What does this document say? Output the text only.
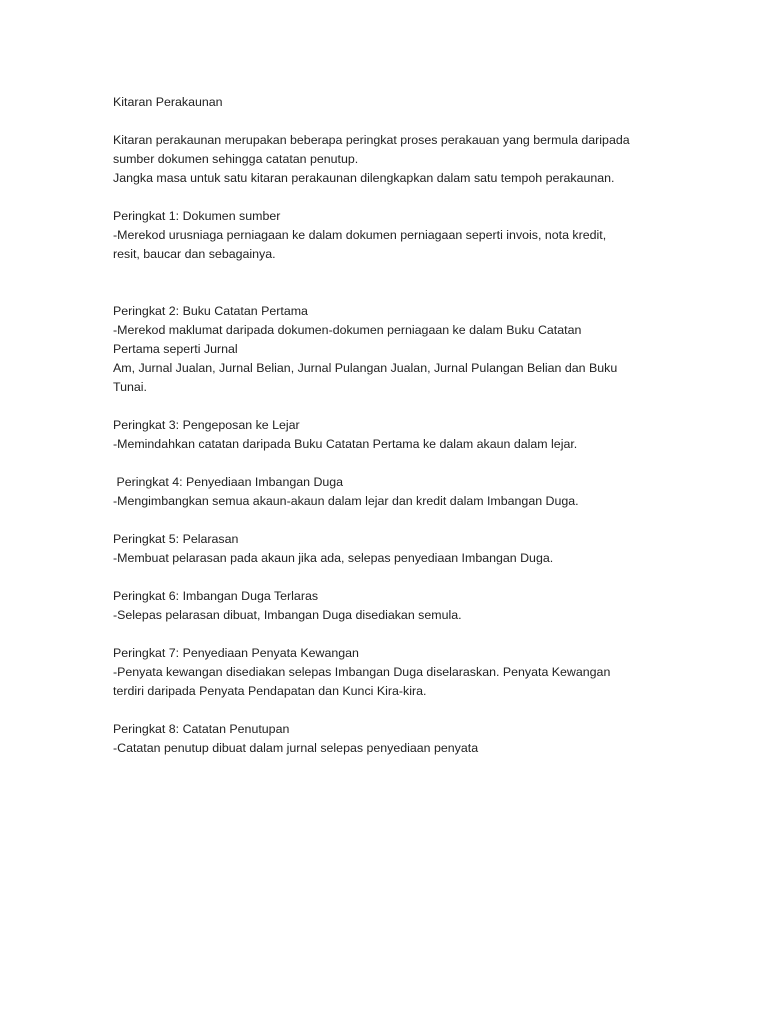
Kitaran Perakaunan
Kitaran perakaunan merupakan beberapa peringkat proses perakauan yang bermula daripada
sumber dokumen sehingga catatan penutup.
Jangka masa untuk satu kitaran perakaunan dilengkapkan dalam satu tempoh perakaunan.
Peringkat 1: Dokumen sumber
-Merekod urusniaga perniagaan ke dalam dokumen perniagaan seperti invois, nota kredit,
resit, baucar dan sebagainya.
Peringkat 2: Buku Catatan Pertama
-Merekod maklumat daripada dokumen-dokumen perniagaan ke dalam Buku Catatan
Pertama seperti Jurnal
Am, Jurnal Jualan, Jurnal Belian, Jurnal Pulangan Jualan, Jurnal Pulangan Belian dan Buku
Tunai.
Peringkat 3: Pengeposan ke Lejar
-Memindahkan catatan daripada Buku Catatan Pertama ke dalam akaun dalam lejar.
Peringkat 4: Penyediaan Imbangan Duga
-Mengimbangkan semua akaun-akaun dalam lejar dan kredit dalam Imbangan Duga.
Peringkat 5: Pelarasan
-Membuat pelarasan pada akaun jika ada, selepas penyediaan Imbangan Duga.
Peringkat 6: Imbangan Duga Terlaras
-Selepas pelarasan dibuat, Imbangan Duga disediakan semula.
Peringkat 7: Penyediaan Penyata Kewangan
-Penyata kewangan disediakan selepas Imbangan Duga diselaraskan. Penyata Kewangan
terdiri daripada Penyata Pendapatan dan Kunci Kira-kira.
Peringkat 8: Catatan Penutupan
-Catatan penutup dibuat dalam jurnal selepas penyediaan penyata
